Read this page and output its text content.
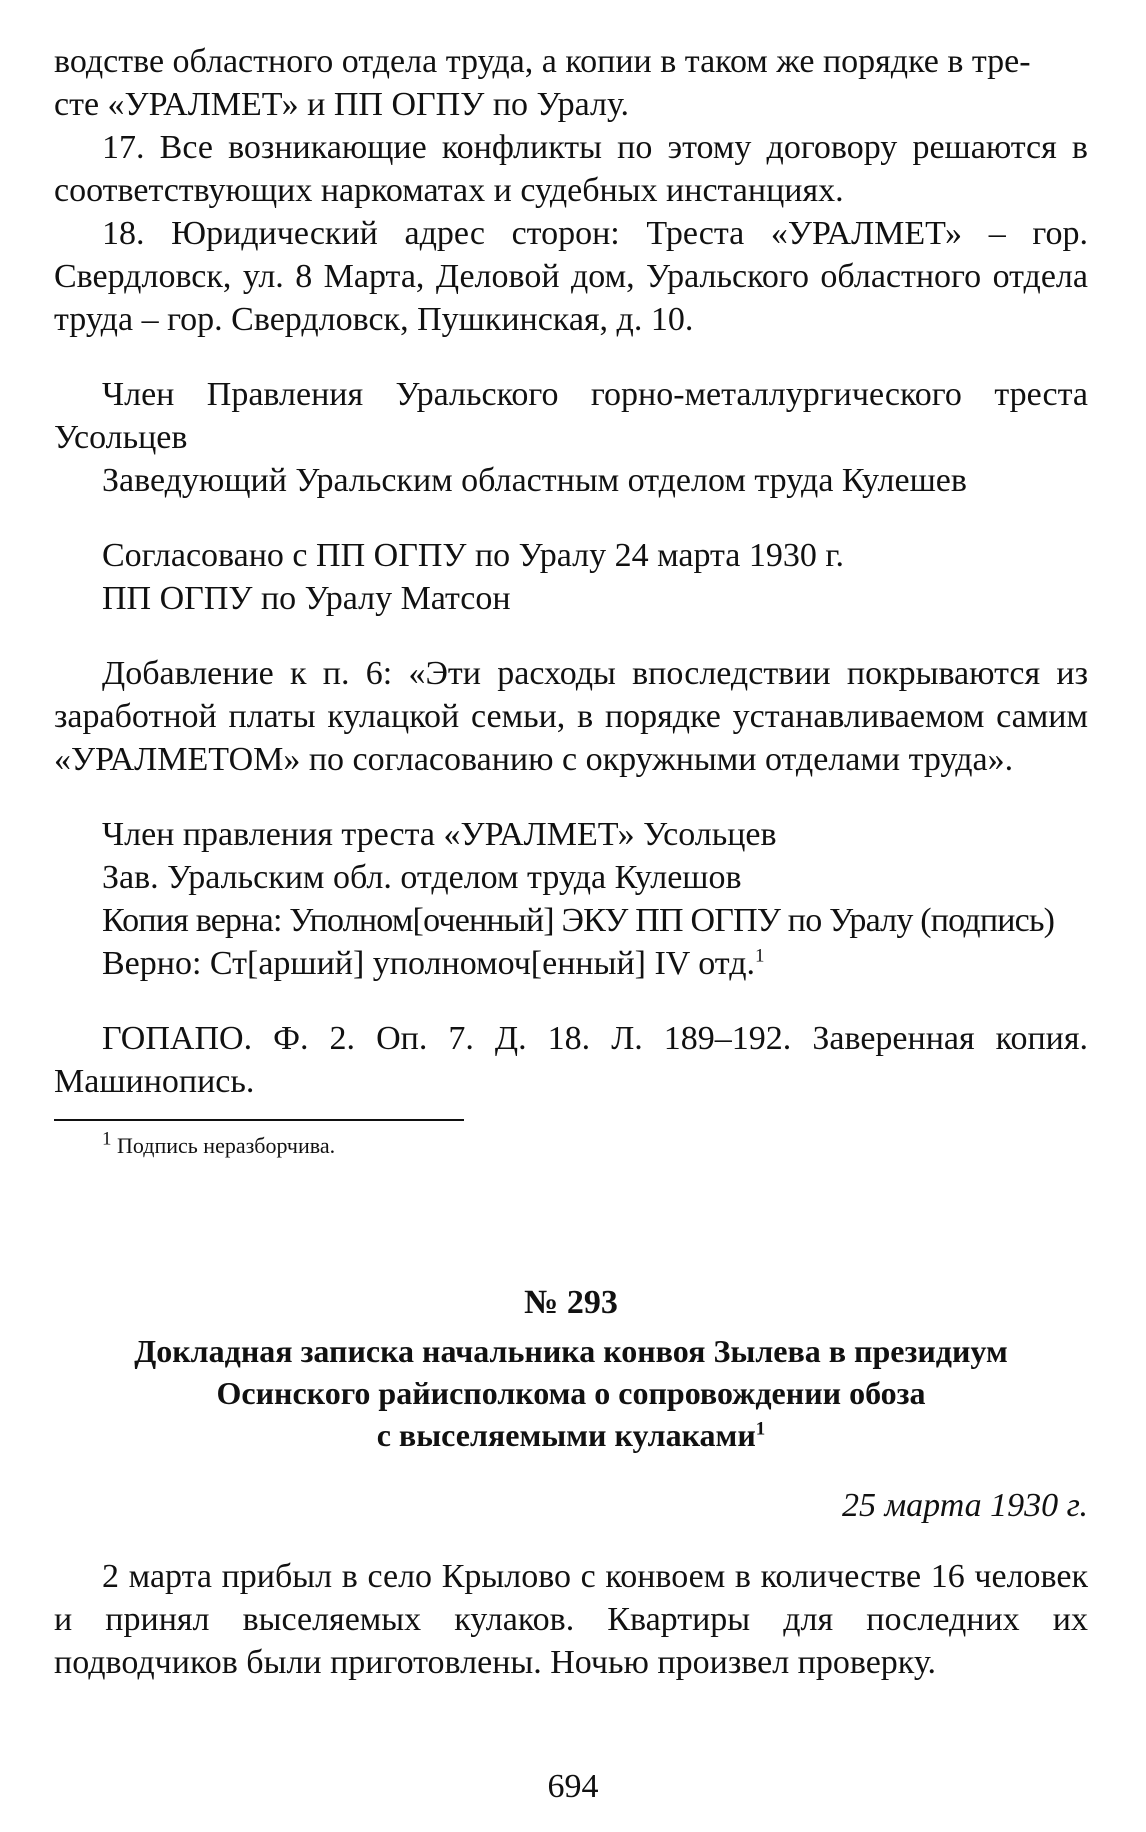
водстве областного отдела труда, а копии в таком же порядке в тре-
сте «УРАЛМЕТ» и ПП ОГПУ по Уралу.

17. Все возникающие конфликты по этому договору решаются в соответствующих наркоматах и судебных инстанциях.

18. Юридический адрес сторон: Треста «УРАЛМЕТ» – гор. Свердловск, ул. 8 Марта, Деловой дом, Уральского областного отдела труда – гор. Свердловск, Пушкинская, д. 10.

Член Правления Уральского горно-металлургического треста Усольцев

Заведующий Уральским областным отделом труда Кулешев

Согласовано с ПП ОГПУ по Уралу 24 марта 1930 г.

ПП ОГПУ по Уралу Матсон

Добавление к п. 6: «Эти расходы впоследствии покрываются из заработной платы кулацкой семьи, в порядке устанавливаемом самим «УРАЛМЕТОМ» по согласованию с окружными отделами труда».

Член правления треста «УРАЛМЕТ» Усольцев

Зав. Уральским обл. отделом труда Кулешов

Копия верна: Уполном[оченный] ЭКУ ПП ОГПУ по Уралу (подпись)

Верно: Ст[арший] уполномоч[енный] IV отд.$^1$

ГОПАПО. Ф. 2. Оп. 7. Д. 18. Л. 189–192. Заверенная копия. Машинопись.

1 Подпись неразборчива.

№ 293

Докладная записка начальника конвоя Зылева в президиум

Осинского райисполкома о сопровождении обоза

с выселяемыми кулаками$^1$

25 марта 1930 г.

2 марта прибыл в село Крылово с конвоем в количестве 16 человек и принял выселяемых кулаков. Квартиры для последних их подводчиков были приготовлены. Ночью произвел проверку.

694
